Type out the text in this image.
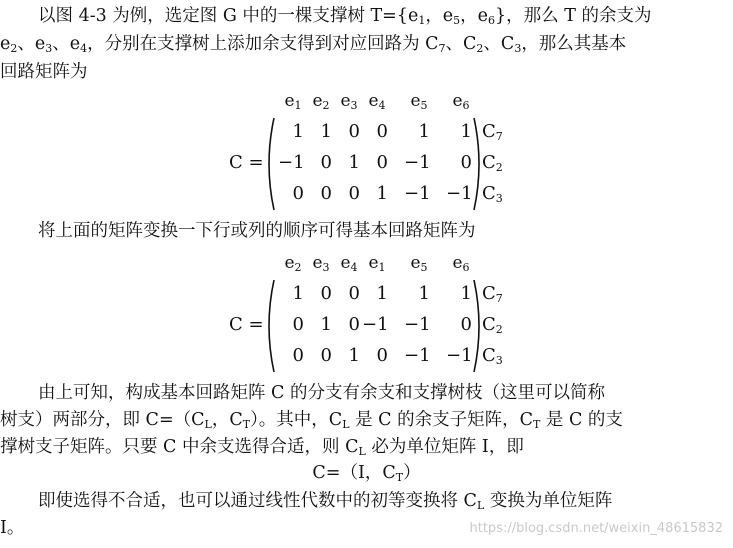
以图 4-3 为例，选定图 G 中的一棵支撑树 $T=\{e_1$，$e_5$，$e_6$}，那么 T 的余支为
$e_2$、$e_3$、$e_4$，分别在支撑树上添加余支得到对应回路为 $C_7$、$C_2$、$C_3$，那么其基本
回路矩阵为
C =
$e_1$ $e_2$ $e_3$ $e_4$ $e_5$ $e_6$
1 1 0 0	1	1 $C_7$
−1 0 1 0 −1	0 $C_2$
0 0 0 1 −1 −1 $C_3$
将上面的矩阵变换一下行或列的顺序可得基本回路矩阵为
C =
$e_2$ $e_3$ $e_4$ $e_1$ $e_5$ $e_6$
1 0 0 1	1	1 $C_7$
0 1 0 −1 −1	0 $C_2$
0 0 1 0 −1 −1 $C_3$
由上可知，构成基本回路矩阵 C 的分支有余支和支撑树枝（这里可以简称
树支）两部分，即 $C=(C_L$，$C_T$）。其中，$C_L$ 是 C 的余支子矩阵，$C_T$ 是 C 的支
撑树支子矩阵。只要 C 中余支选得合适，则 $C_L$ 必为单位矩阵 I，即
C=（I，$C_T$）
即使选得不合适，也可以通过线性代数中的初等变换将 $C_L$ 变换为单位矩阵
I。	https://blog.csdn.net/weixin_48615832
